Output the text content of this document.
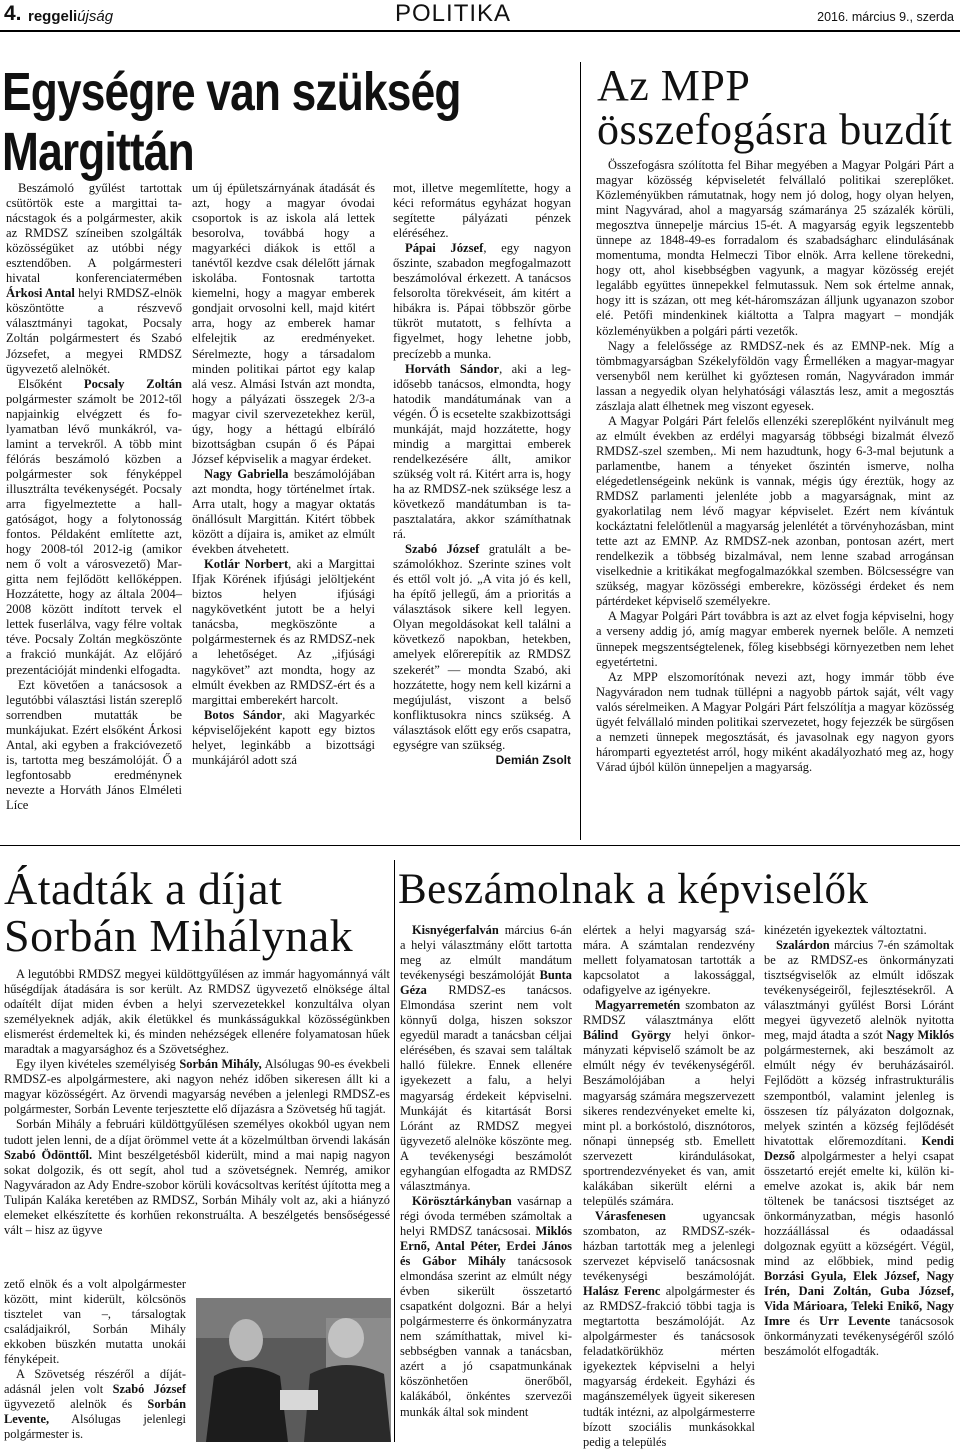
4. reggeliújság	POLITIKA	2016. március 9., szerda
Egységre van szükség
Margittán

Beszámoló gyűlést tartottak csütörtök este a margittai tanácstagok és a polgármester, akik az RMDSZ színeiben szolgálták közösségüket az utóbbi négy esztendőben. A polgármesteri hivatal konferenciatermében Árkosi Antal helyi RMDSZ-elnök köszöntötte a részvevő választmányi tagokat, Pocsaly Zoltán polgármestert és Szabó Józsefet, a megyei RMDSZ ügyvezető alelnökét.

Elsőként Pocsaly Zoltán polgármester számolt be 2012-től napjainkig elvégzett és folyamatban lévő munkákról, valamint a tervekről. A több mint félórás beszámoló közben a polgármester sok fényképpel illusztrálta tevékenységét. Pocsaly arra figyelmeztette a hallgatóságot, hogy a folytonosság fontos. Példaként említette azt, hogy 2008-tól 2012-ig (amikor nem ő volt a városvezető) Margitta nem fejlődött kellőképpen. Hozzátette, hogy az általa 2004–2008 között indított tervek el lettek fuserlálva, vagy félre voltak téve. Pocsaly Zoltán megköszönte a frakció munkáját. Az előjáró prezentációját mindenki elfogadta.

Ezt követően a tanácsosok a legutóbbi választási listán szereplő sorrendben mutatták be munkájukat. Ezért elsőként Árkosi Antal, aki egyben a frakcióvezető is, tartotta meg beszámolóját. Ő a legfontosabb eredménynek nevezte a Horváth János Elméleti Líce

um új épületszárnyának átadását és azt, hogy a magyar óvodai csoportok is az iskola alá lettek besorolva, továbbá hogy a magyarkéci diákok is ettől a tanévtől kezdve csak délelőtt járnak iskolába. Fontosnak tartotta kiemelni, hogy a magyar emberek gondjait orvosolni kell, majd kitért arra, hogy az emberek hamar elfelejtik az eredményeket. Sérelmezte, hogy a társadalom minden politikai pártot egy kalap alá vesz. Almási István azt mondta, hogy a pályázati összegek 2/3-a magyar civil szervezetekhez kerül, úgy, hogy a héttagú elbíráló bizottságban csupán ő és Pápai József képviselik a magyar érdeket.

Nagy Gabriella beszámolójában azt mondta, hogy történelmet írtak. Arra utalt, hogy a magyar oktatás önállósult Margittán. Kitért többek között a díjaira is, amiket az elmúlt években átvehetett.

Kotlár Norbert, aki a Margittai Ifjak Körének ifjúsági jelöltjeként biztos helyen ifjúsági nagykövetként jutott be a helyi tanácsba, megköszönte a polgármesternek és az RMDSZ-nek a lehetőséget. Az „ifjúsági nagykövet” azt mondta, hogy az elmúlt években az RMDSZ-ért és a margittai emberekért harcolt.

Botos Sándor, aki Magyarkéc képviselőjeként kapott egy biztos helyet, leginkább a bizottsági munkájáról adott szá

mot, illetve megemlítette, hogy a kéci református egyházat hogyan segítette pályázati pénzek eléréséhez.

Pápai József, egy nagyon őszinte, szabadon megfogalmazott beszámolóval érkezett. A tanácsos felsorolta törekvéseit, ám kitért a hibákra is. Pápai többször görbe tükröt mutatott, s felhívta a figyelmet, hogy lehetne jobb, precízebb a munka.

Horváth Sándor, aki a legidősebb tanácsos, elmondta, hogy hatodik mandátumának van a végén. Ő is ecsetelte szakbizottsági munkáját, majd hozzátette, hogy mindig a margittai emberek rendelkezésére állt, amikor szükség volt rá. Kitért arra is, hogy ha az RMDSZ-nek szüksége lesz a következő mandátumban is tapasztalatára, akkor számíthatnak rá.

Szabó József gratulált a beszámolókhoz. Szerinte szines volt és ettől volt jó. „A vita jó és kell, ha építő jellegű, ám a prioritás a választások sikere kell legyen. Olyan megoldásokat kell találni a következő napokban, hetekben, amelyek előrerepítik az RMDSZ szekerét” — mondta Szabó, aki hozzátette, hogy nem kell kizárni a megújulást, viszont a belső konfliktusokra nincs szükség. A választások előtt egy erős csapatra, egységre van szükség.

Demián Zsolt
Az MPP
összefogásra buzdít

Összefogásra szólította fel Bihar megyében a Magyar Polgári Párt a magyar közösség képviseletét felvállaló politikai szereplőket. Közleményükben rámutatnak, hogy nem jó dolog, hogy olyan helyen, mint Nagyvárad, ahol a magyarság számaránya 25 százalék körüli, megosztva ünnepelje március 15-ét. A magyarság egyik legszentebb ünnepe az 1848-49-es forradalom és szabadságharc elindulásának momentuma, mondta Helmeczi Tibor elnök. Arra kellene törekedni, hogy ott, ahol kisebbségben vagyunk, a magyar közösség erejét legalább együttes ünnepekkel felmutassuk. Nem sok értelme annak, hogy itt is százan, ott meg két-háromszázan álljunk ugyanazon szobor elé. Petőfi mindenkinek kiáltotta a Talpra magyart – mondják közleményükben a polgári párti vezetők.

Nagy a felelőssége az RMDSZ-nek és az EMNP-nek. Míg a tömbmagyarságban Székelyföldön vagy Érmelléken a magyar-magyar versenyből nem kerülhet ki győztesen román, Nagyváradon immár lassan a negyedik olyan helyhatósági választás lesz, amit a megosztás zászlaja alatt élhetnek meg viszont egyesek.

A Magyar Polgári Párt felelős ellenzéki szereplőként nyilvánult meg az elmúlt években az erdélyi magyarság többségi bizalmát élvező RMDSZ-szel szemben,. Mi nem hazudtunk, hogy 6-3-mal bejutunk a parlamentbe, hanem a tényeket őszintén ismerve, nolha elégedetlenségeink nekünk is vannak, mégis úgy éreztük, hogy az RMDSZ parlamenti jelenléte jobb a magyarságnak, mint az gyakorlatilag nem lévő magyar képviselet. Ezért nem kívántuk kockáztatni felelőtlenül a magyarság jelenlétét a törvényhozásban, mint tette azt az EMNP. Az RMDSZ-nek azonban, pontosan azért, mert rendelkezik a többség bizalmával, nem lenne szabad arrogánsan viselkednie a kritikákat megfogalmazókkal szemben. Bölcsességre van szükség, magyar közösségi emberekre, közösségi érdeket és nem pártérdeket képviselő személyekre.

A Magyar Polgári Párt továbbra is azt az elvet fogja képviselni, hogy a verseny addig jó, amíg magyar emberek nyernek belőle. A nemzeti ünnepek megszentségtelenek, főleg kisebbségi környezetben nem lehet egyetértetni.

Az MPP elszomorítónak nevezi azt, hogy immár több éve Nagyváradon nem tudnak tüllépni a nagyobb pártok saját, vélt vagy valós sérelmeiken. A Magyar Polgári Párt felszólítja a magyar közösség ügyét felvállaló minden politikai szervezetet, hogy fejezzék be sürgősen a nemzeti ünnepek megosztását, és javasolnak egy nagyon gyors háromparti egyeztetést arról, hogy miként akadályozható meg az, hogy Várad újból külön ünnepeljen a magyarság.

Átadták a díjat
Sorbán Mihálynak

A legutóbbi RMDSZ megyei küldöttgyűlésen az immár hagyománnyá vált hűségdíjak átadására is sor került. Az RMDSZ ügyvezető elnöksége által odaítélt díjat miden évben a helyi szervezetekkel konzultálva olyan személyeknek adják, akik életükkel és munkásságukkal közösségünkben elismerést érdemeltek ki, és minden nehézségek ellenére folyamatosan hűek maradtak a magyarsághoz és a Szövetséghez.

Egy ilyen kivételes személyiség Sorbán Mihály, Alsólugas 90-es évekbeli RMDSZ-es alpolgármestere, aki nagyon nehéz időben sikeresen állt ki a magyar közösségért. Az örvendi magyarság nevében a jelenlegi RMDSZ-es polgármester, Sorbán Levente terjesztette elő díjazásra a Szövetség hű tagját.

Sorbán Mihály a februári küldöttgyűlésen személyes okokból ugyan nem tudott jelen lenni, de a díjat örömmel vette át a közelmúltban örvendi lakásán Szabó Ödönttől. Mint beszélgetésből kiderült, mind a mai napig nagyon sokat dolgozik, és ott segít, ahol tud a szövetségnek. Nemrég, amikor Nagyváradon az Ady Endre-szobor körüli kovácsoltvas kerítést újította meg a Tulipán Kaláka keretében az RMDSZ, Sorbán Mihály volt az, aki a hiányzó elemeket elkészítette és korhűen rekonstruálta. A beszélgetés bensőségessé vált – hisz az ügyve

zető elnök és a volt alpolgármester között, mint kiderült, kölcsönös tisztelet van –, társalogtak családjaikról, Sorbán Mihály ekkoben büszkén mutatta unokái fényképeit.

A Szövetség részéről a díjátadásnál jelen volt Szabó József ügyvezető alelnök és Sorbán Levente, Alsólugas jelenlegi polgármester is.

Beszámolnak a képviselők

Kisnyégerfalván március 6-án a helyi választmány előtt tartotta meg az elmúlt mandátum tevékenységi beszámolóját Bunta Géza RMDSZ-es tanácsos. Elmondása szerint nem volt könnyű dolga, hiszen sokszor egyedül maradt a tanácsban céljai elérésében, és szavai sem találtak halló fülekre. Ennek ellenére igyekezett a falu, a helyi magyarság érdekeit képviselni. Munkáját és kitartását Borsi Lóránt az RMDSZ megyei ügyvezető alelnöke köszönte meg. A tevékenységi beszámolót egyhangúan elfogadta az RMDSZ választmánya.

Körösztárkányban vasárnap a régi óvoda termében számoltak a helyi RMDSZ tanácsosai. Miklós Ernő, Antal Péter, Erdei János és Gábor Mihály tanácsosok elmondása szerint az elmúlt négy évben sikerült összetartó csapatként dolgozni. Bár a helyi polgármesterre és önkormányzatra nem számíthattak, mivel kisebbségben vannak a tanácsban, azért a jó csapatmunkának köszönhetően önerőből, kalákából, önkéntes szervezői munkák által sok mindent

elértek a helyi magyarság számára. A számtalan rendezvény mellett folyamatosan tartották a kapcsolatot a lakossággal, odafigyelve az igényekre.

Magyarremetén szombaton az RMDSZ választmánya előtt Bálind György helyi önkormányzati képviselő számolt be az elmúlt négy év tevékenységéről. Beszámolójában a helyi magyarság számára megszervezett sikeres rendezvényeket emelte ki, mint pl. a borkóstoló, disznótoros, nőnapi ünnepség stb. Emellett szervezett kirándulásokat, sportrendezvényeket és van, amit kalákában sikerült elérni a település számára.

Várasfenesen ugyancsak szombaton, az RMDSZ-székházban tartották meg a jelenlegi szervezet képviselő tanácsosnak tevékenységi beszámolóját. Halász Ferenc alpolgármester és az RMDSZ-frakció többi tagja is megtartotta beszámolóját. Az alpolgármester és tanácsosok feladatkörükhöz mérten igyekeztek képviselni a helyi magyarság érdekeit. Egyházi és magánszemélyek ügyeit sikeresen tudták intézni, az alpolgármesterre bízott szociális munkásokkal pedig a település

kinézetén igyekeztek változtatni.

Szalárdon március 7-én számoltak be az RMDSZ-es önkormányzati tisztségviselők az elmúlt időszak tevékenységeiről, fejlesztésekről. A választmányi gyűlést Borsi Lóránt megyei ügyvezető alelnök nyitotta meg, majd átadta a szót Nagy Miklós polgármesternek, aki beszámolt az elmúlt négy év beruházásairól. Fejlődött a község infrastrukturális szempontból, valamint jelenleg is összesen tíz pályázaton dolgoznak, melyek szintén a község fejlődését hivatottak előremozdítani. Kendi Dezső alpolgármester a helyi csapat összetartó erejét emelte ki, külön kiemelve azokat is, akik bár nem töltenek be tanácsosi tisztséget az önkormányzatban, mégis hasonló hozzáállással és odaadással dolgoznak együtt a községért. Végül, mind az előbbiek, mind pedig Borzási Gyula, Elek József, Nagy Irén, Dani Zoltán, Guba József, Vida Márioara, Teleki Enikő, Nagy Imre és Urr Levente tanácsosok önkormányzati tevékenységéről szóló beszámolót elfogadták.
